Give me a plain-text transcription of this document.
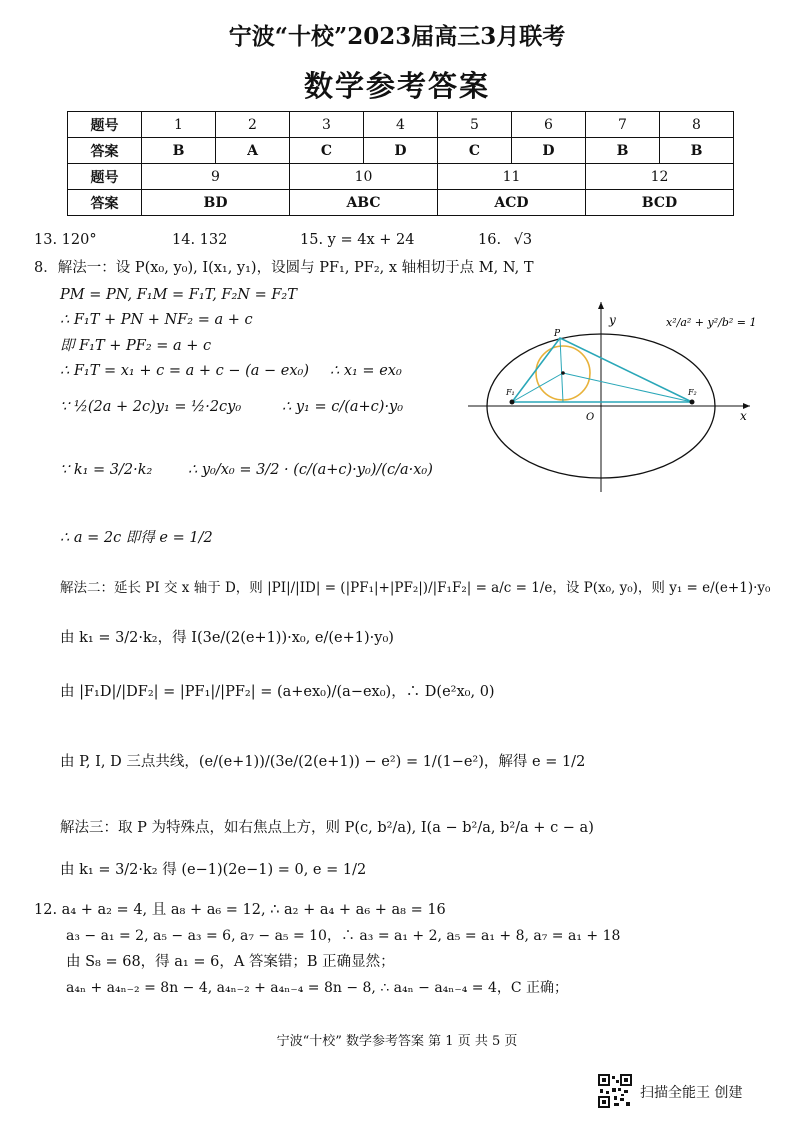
宁波“十校”2023届高三3月联考
数学参考答案
题号	1	2	3	4	5	6	7	8
答案	B	A	C	D	C	D	B	B
题号	9		10		11		12	
答案	BD		ABC		ACD		BCD	
13. 120°	14. 132	15. y = 4x + 24	16. √3
8．解法一：设 P(x₀, y₀), I(x₁, y₁)，设圆与 PF₁, PF₂, x 轴相切于点 M, N, T
PM = PN, F₁M = F₁T, F₂N = F₂T
∴ F₁T + PN + NF₂ = a + c
即 F₁T + PF₂ = a + c
∴ F₁T = x₁ + c = a + c − (a − ex₀) ∴ x₁ = ex₀
∵ ½(2a + 2c)y₁ = ½·2cy₀	∴ y₁ = c/(a+c)·y₀
∵ k₁ = 3/2·k₂ ∴ y₀/x₀ = 3/2 · (c/(a+c)·y₀)/(c/a·x₀)
∴ a = 2c 即得 e = 1/2
解法二：延长 PI 交 x 轴于 D，则 |PI|/|ID| = (|PF₁|+|PF₂|)/|F₁F₂| = a/c = 1/e，设 P(x₀, y₀)，则 y₁ = e/(e+1)·y₀
由 k₁ = 3/2·k₂，得 I(3e/(2(e+1))·x₀, e/(e+1)·y₀)
由 |F₁D|/|DF₂| = |PF₁|/|PF₂| = (a+ex₀)/(a−ex₀)，∴ D(e²x₀, 0)
由 P, I, D 三点共线，(e/(e+1))/(3e/(2(e+1)) − e²) = 1/(1−e²)，解得 e = 1/2
解法三：取 P 为特殊点，如右焦点上方，则 P(c, b²/a), I(a − b²/a, b²/a + c − a)
由 k₁ = 3/2·k₂ 得 (e−1)(2e−1) = 0, e = 1/2
12. a₄ + a₂ = 4, 且 a₈ + a₆ = 12, ∴ a₂ + a₄ + a₆ + a₈ = 16
a₃ − a₁ = 2, a₅ − a₃ = 6, a₇ − a₅ = 10，∴ a₃ = a₁ + 2, a₅ = a₁ + 8, a₇ = a₁ + 18
由 S₈ = 68，得 a₁ = 6，A 答案错；B 正确显然；
a₄ₙ + a₄ₙ₋₂ = 8n − 4, a₄ₙ₋₂ + a₄ₙ₋₄ = 8n − 8, ∴ a₄ₙ − a₄ₙ₋₄ = 4，C 正确；
P
F₁	F₂
O
y
x
x²/a² + y²/b² = 1
宁波“十校” 数学参考答案 第 1 页 共 5 页
扫描全能王 创建
